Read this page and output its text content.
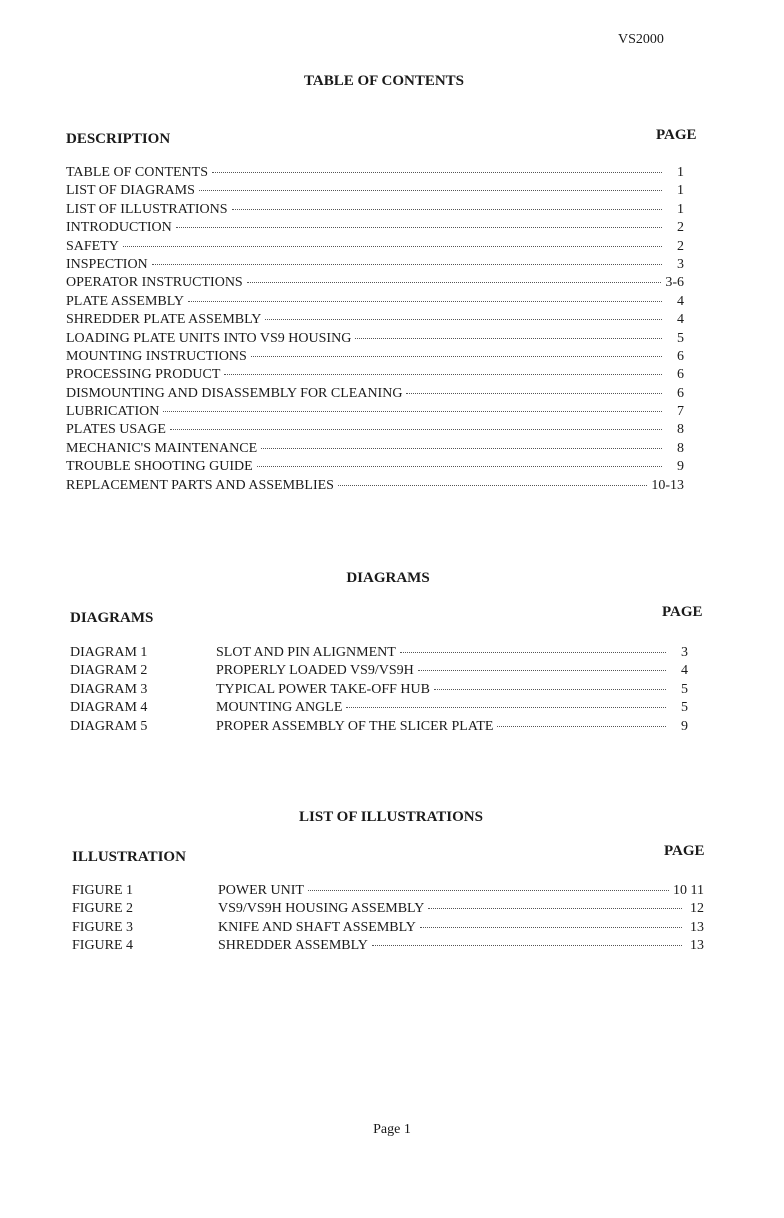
VS2000
TABLE OF CONTENTS
DESCRIPTION	PAGE
TABLE OF CONTENTS	1
LIST OF DIAGRAMS	1
LIST OF ILLUSTRATIONS	1
INTRODUCTION	2
SAFETY	2
INSPECTION	3
OPERATOR INSTRUCTIONS	3-6
PLATE ASSEMBLY	4
SHREDDER PLATE ASSEMBLY	4
LOADING PLATE UNITS INTO VS9 HOUSING	5
MOUNTING INSTRUCTIONS	6
PROCESSING PRODUCT	6
DISMOUNTING AND DISASSEMBLY FOR CLEANING	6
LUBRICATION	7
PLATES USAGE	8
MECHANIC'S MAINTENANCE	8
TROUBLE SHOOTING GUIDE	9
REPLACEMENT PARTS AND ASSEMBLIES	10-13
DIAGRAMS
DIAGRAMS	PAGE
DIAGRAM 1	SLOT AND PIN ALIGNMENT	3
DIAGRAM 2	PROPERLY LOADED VS9/VS9H	4
DIAGRAM 3	TYPICAL POWER TAKE-OFF HUB	5
DIAGRAM 4	MOUNTING ANGLE	5
DIAGRAM 5	PROPER ASSEMBLY OF THE SLICER PLATE	9
LIST OF ILLUSTRATIONS
ILLUSTRATION	PAGE
FIGURE 1	POWER UNIT	10 11
FIGURE 2	VS9/VS9H HOUSING ASSEMBLY	12
FIGURE 3	KNIFE AND SHAFT ASSEMBLY	13
FIGURE 4	SHREDDER ASSEMBLY	13
Page 1
